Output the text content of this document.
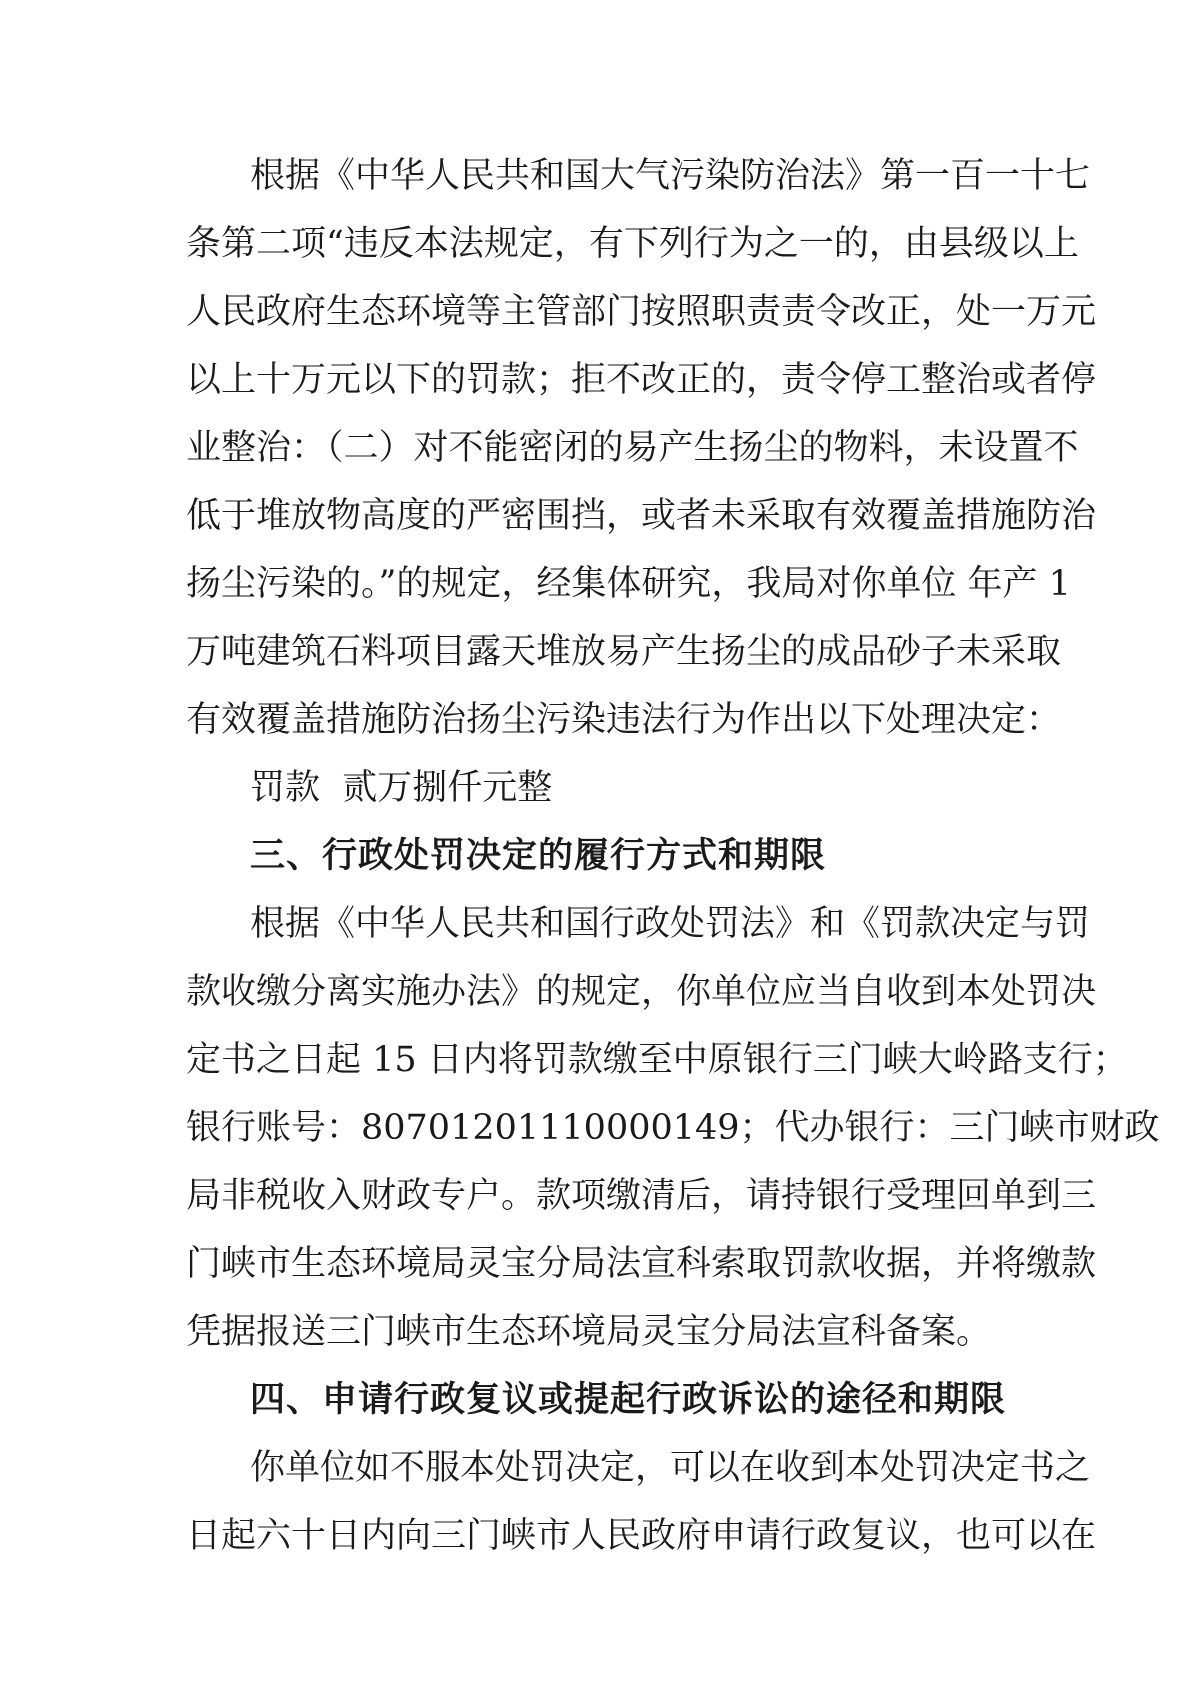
根据《中华人民共和国大气污染防治法》第一百一十七
条第二项“违反本法规定，有下列行为之一的，由县级以上
人民政府生态环境等主管部门按照职责责令改正，处一万元
以上十万元以下的罚款；拒不改正的，责令停工整治或者停
业整治：（二）对不能密闭的易产生扬尘的物料，未设置不
低于堆放物高度的严密围挡，或者未采取有效覆盖措施防治
扬尘污染的。”的规定，经集体研究，我局对你单位 年产 1
万吨建筑石料项目露天堆放易产生扬尘的成品砂子未采取
有效覆盖措施防治扬尘污染违法行为作出以下处理决定：
罚款  贰万捌仟元整
三、行政处罚决定的履行方式和期限
根据《中华人民共和国行政处罚法》和《罚款决定与罚
款收缴分离实施办法》的规定，你单位应当自收到本处罚决
定书之日起 15 日内将罚款缴至中原银行三门峡大岭路支行；
银行账号：80701201110000149；代办银行：三门峡市财政
局非税收入财政专户。款项缴清后，请持银行受理回单到三
门峡市生态环境局灵宝分局法宣科索取罚款收据，并将缴款
凭据报送三门峡市生态环境局灵宝分局法宣科备案。
四、申请行政复议或提起行政诉讼的途径和期限
你单位如不服本处罚决定，可以在收到本处罚决定书之
日起六十日内向三门峡市人民政府申请行政复议，也可以在
